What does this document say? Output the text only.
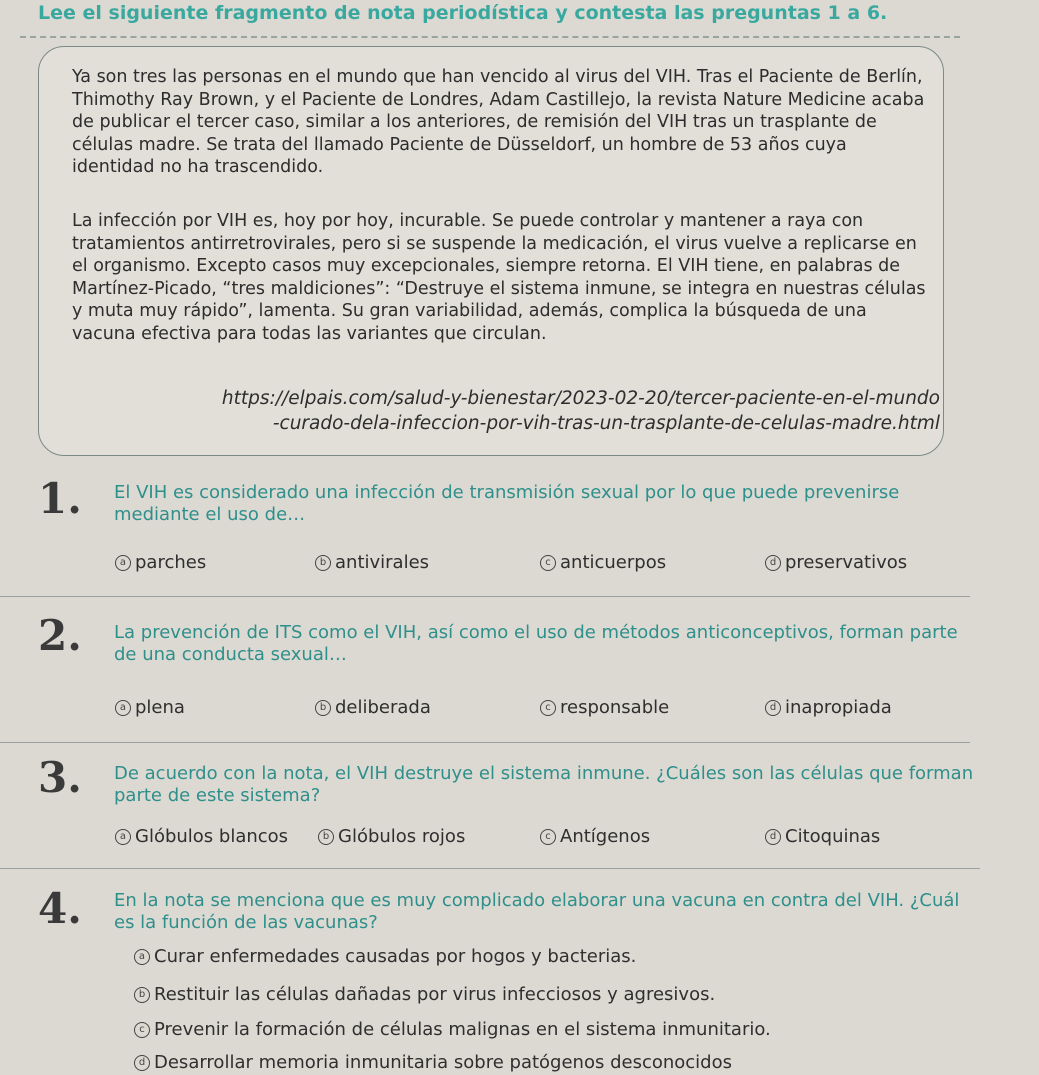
Lee el siguiente fragmento de nota periodística y contesta las preguntas 1 a 6.
Ya son tres las personas en el mundo que han vencido al virus del VIH. Tras el Paciente de Berlín, Thimothy Ray Brown, y el Paciente de Londres, Adam Castillejo, la revista Nature Medicine acaba de publicar el tercer caso, similar a los anteriores, de remisión del VIH tras un trasplante de células madre. Se trata del llamado Paciente de Düsseldorf, un hombre de 53 años cuya identidad no ha trascendido.
La infección por VIH es, hoy por hoy, incurable. Se puede controlar y mantener a raya con tratamientos antirretrovirales, pero si se suspende la medicación, el virus vuelve a replicarse en el organismo. Excepto casos muy excepcionales, siempre retorna. El VIH tiene, en palabras de Martínez-Picado, “tres maldiciones”: “Destruye el sistema inmune, se integra en nuestras células y muta muy rápido”, lamenta. Su gran variabilidad, además, complica la búsqueda de una vacuna efectiva para todas las variantes que circulan.
https://elpais.com/salud-y-bienestar/2023-02-20/tercer-paciente-en-el-mundo
-curado-dela-infeccion-por-vih-tras-un-trasplante-de-celulas-madre.html
1. El VIH es considerado una infección de transmisión sexual por lo que puede prevenirse mediante el uso de…
a parches	b antivirales	c anticuerpos	d preservativos
2. La prevención de ITS como el VIH, así como el uso de métodos anticonceptivos, forman parte de una conducta sexual…
a plena	b deliberada	c responsable	d inapropiada
3. De acuerdo con la nota, el VIH destruye el sistema inmune. ¿Cuáles son las células que forman parte de este sistema?
a Glóbulos blancos	b Glóbulos rojos	c Antígenos	d Citoquinas
4. En la nota se menciona que es muy complicado elaborar una vacuna en contra del VIH. ¿Cuál es la función de las vacunas?
a Curar enfermedades causadas por hogos y bacterias.
b Restituir las células dañadas por virus infecciosos y agresivos.
c Prevenir la formación de células malignas en el sistema inmunitario.
d Desarrollar memoria inmunitaria sobre patógenos desconocidos
